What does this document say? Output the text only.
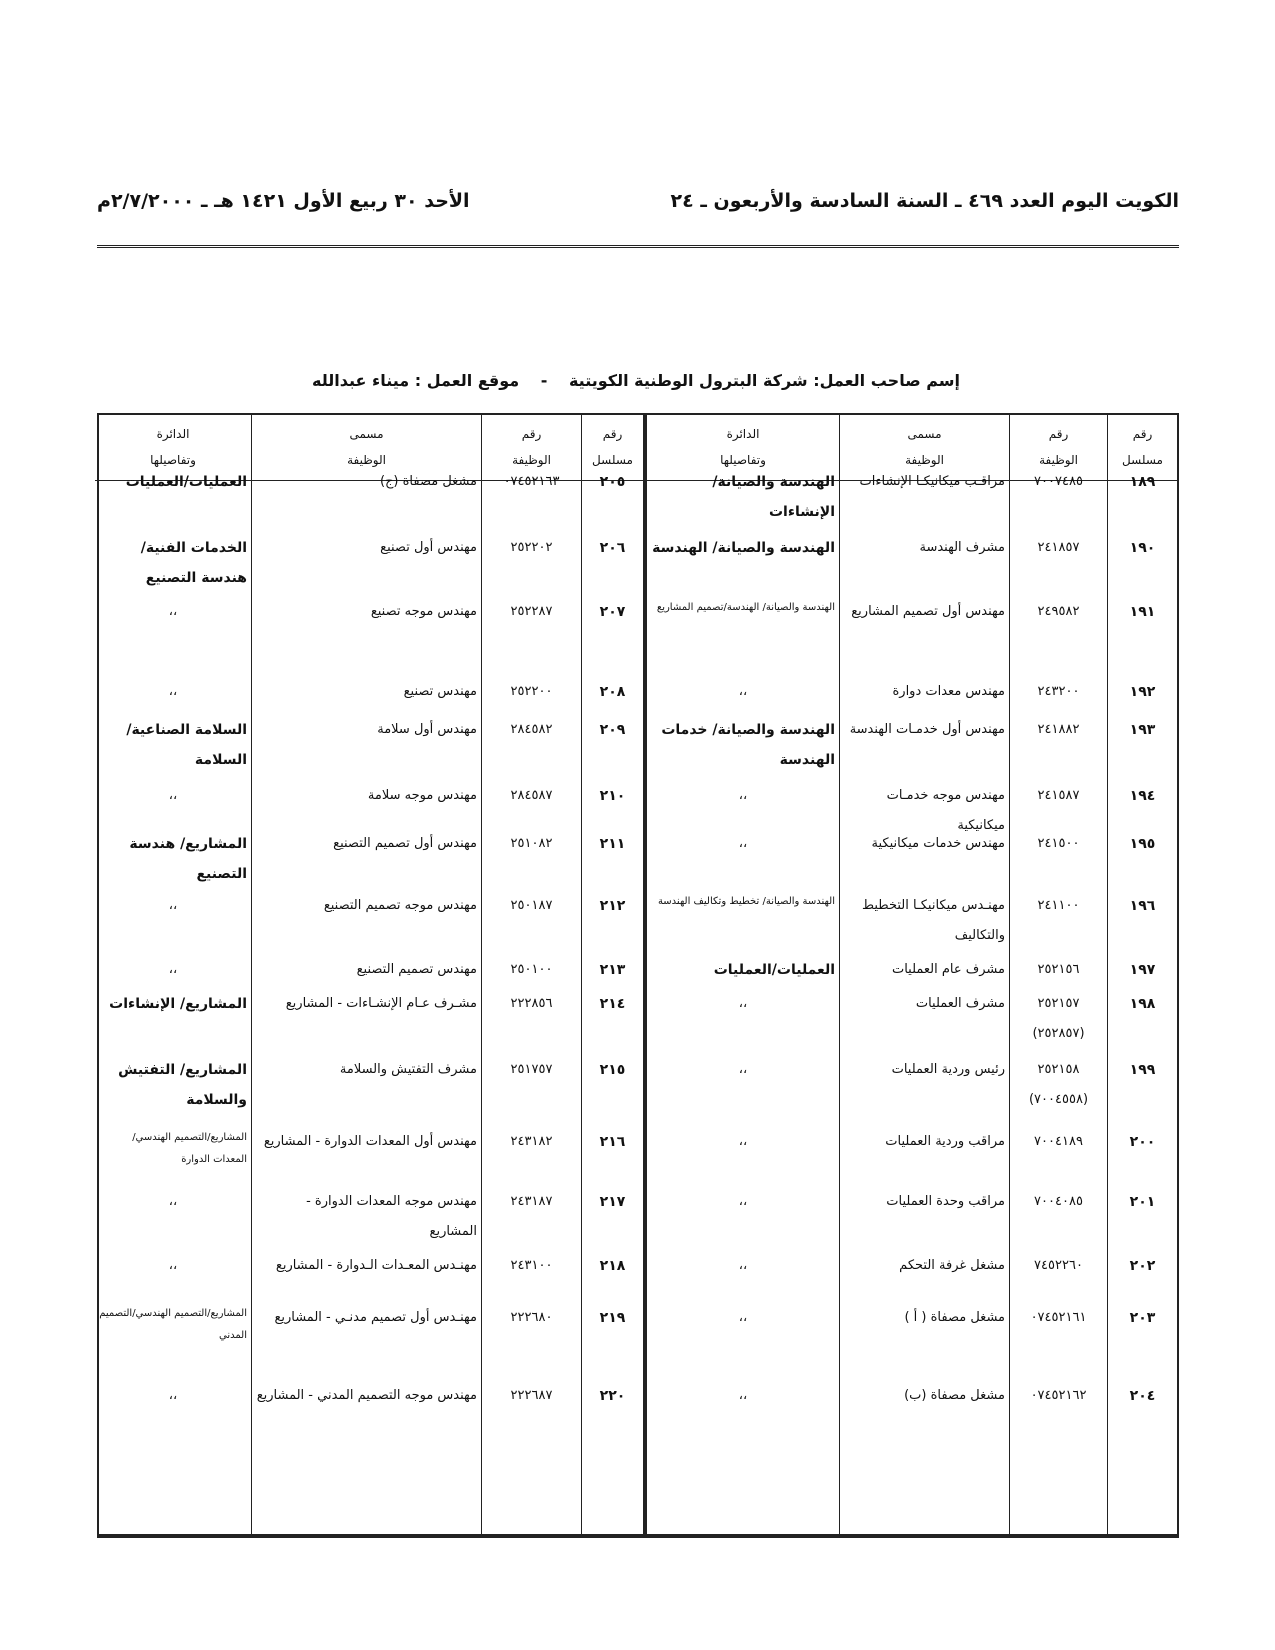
الكويت اليوم العدد ٤٦٩ ـ السنة السادسة والأربعون ـ ٢٤
الأحد ٣٠ ربيع الأول ١٤٢١ هـ ـ ٢/٧/٢٠٠٠م
إسم صاحب العمل: شركة البترول الوطنية الكويتية - موقع العمل : ميناء عبدالله
رقم
مسلسل
١٨٩
١٩٠
١٩١
١٩٢
١٩٣
١٩٤
١٩٥
١٩٦
١٩٧
١٩٨
١٩٩
٢٠٠
٢٠١
٢٠٢
٢٠٣
٢٠٤
رقم
الوظيفة
٧٠٠٧٤٨٥
٢٤١٨٥٧
٢٤٩٥٨٢
٢٤٣٢٠٠
٢٤١٨٨٢
٢٤١٥٨٧
٢٤١٥٠٠
٢٤١١٠٠
٢٥٢١٥٦
٢٥٢١٥٧ (٢٥٢٨٥٧)
٢٥٢١٥٨ (٧٠٠٤٥٥٨)
٧٠٠٤١٨٩
٧٠٠٤٠٨٥
٧٤٥٢٢٦٠
٠٧٤٥٢١٦١
٠٧٤٥٢١٦٢
مسمى
الوظيفة
مراقـب ميكانيكـا الإنشاءات
مشرف الهندسة
مهندس أول تصميم المشاريع
مهندس معدات دوارة
مهندس أول خدمـات الهندسة
مهندس موجه خدمـات ميكانيكية
مهندس خدمات ميكانيكية
مهنـدس ميكانيكـا التخطيط والتكاليف
مشرف عام العمليات
مشرف العمليات
رئيس وردية العمليات
مراقب وردية العمليات
مراقب وحدة العمليات
مشغل غرفة التحكم
مشغل مصفاة ( أ )
مشغل مصفاة (ب)
الدائرة
وتفاصيلها
الهندسة والصيانة/ الإنشاءات
الهندسة والصيانة/ الهندسة
الهندسة والصيانة/ الهندسة/تصميم المشاريع
،،
الهندسة والصيانة/ خدمات الهندسة
،،
،،
الهندسة والصيانة/ تخطيط وتكاليف الهندسة
العمليات/العمليات
،،
،،
،،
،،
،،
،،
،،
رقم
مسلسل
٢٠٥
٢٠٦
٢٠٧
٢٠٨
٢٠٩
٢١٠
٢١١
٢١٢
٢١٣
٢١٤
٢١٥
٢١٦
٢١٧
٢١٨
٢١٩
٢٢٠
رقم
الوظيفة
٠٧٤٥٢١٦٣
٢٥٢٢٠٢
٢٥٢٢٨٧
٢٥٢٢٠٠
٢٨٤٥٨٢
٢٨٤٥٨٧
٢٥١٠٨٢
٢٥٠١٨٧
٢٥٠١٠٠
٢٢٢٨٥٦
٢٥١٧٥٧
٢٤٣١٨٢
٢٤٣١٨٧
٢٤٣١٠٠
٢٢٢٦٨٠
٢٢٢٦٨٧
مسمى
الوظيفة
مشغل مصفاة (ج)
مهندس أول تصنيع
مهندس موجه تصنيع
مهندس تصنيع
مهندس أول سلامة
مهندس موجه سلامة
مهندس أول تصميم التصنيع
مهندس موجه تصميم التصنيع
مهندس تصميم التصنيع
مشـرف عـام الإنشـاءات - المشاريع
مشرف التفتيش والسلامة
مهندس أول المعدات الدوارة - المشاريع
مهندس موجه المعدات الدوارة - المشاريع
مهنـدس المعـدات الـدوارة - المشاريع
مهنـدس أول تصميم مدنـي - المشاريع
مهندس موجه التصميم المدني - المشاريع
الدائرة
وتفاصيلها
العمليات/العمليات
الخدمات الفنية/ هندسة التصنيع
،،
،،
السلامة الصناعية/ السلامة
،،
المشاريع/ هندسة التصنيع
،،
،،
المشاريع/ الإنشاءات
المشاريع/ التفتيش والسلامة
المشاريع/التصميم الهندسي/المعدات الدوارة
،،
،،
المشاريع/التصميم الهندسي/التصميم المدني
،،
